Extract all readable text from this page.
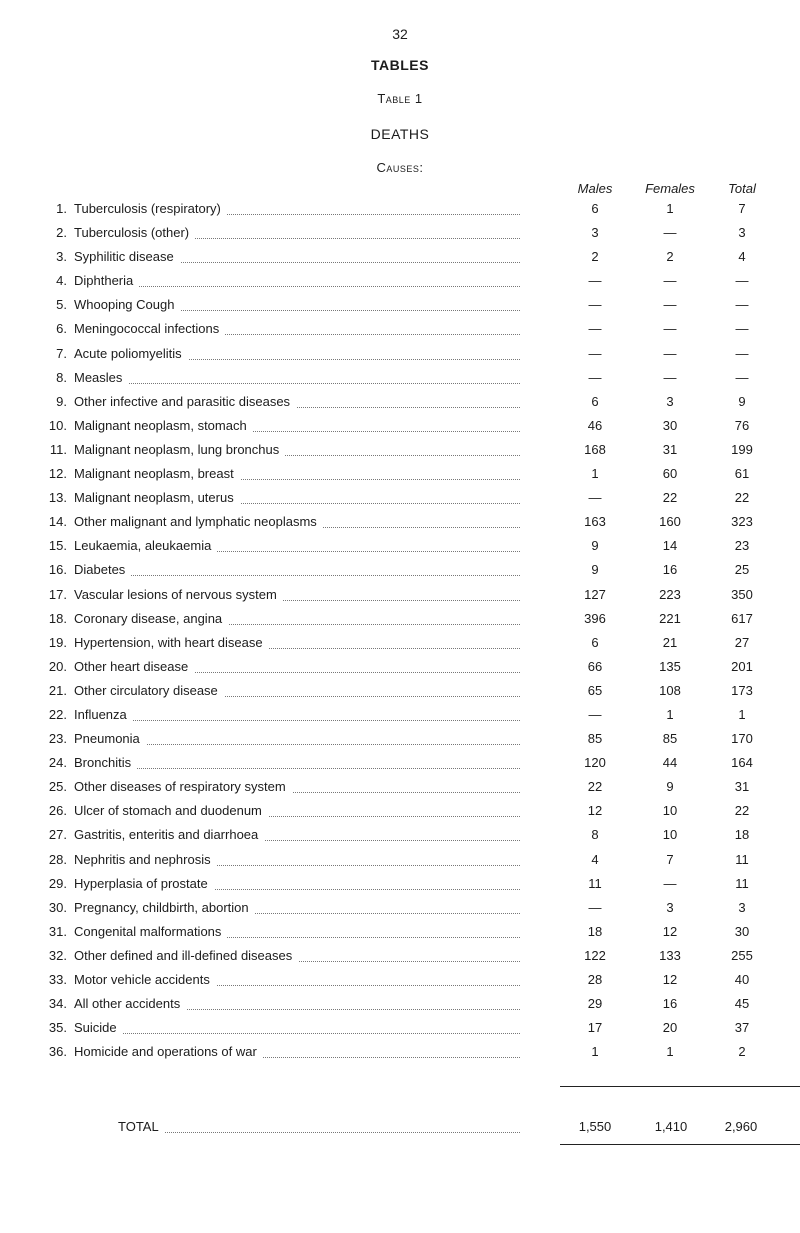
32
TABLES
Table 1
DEATHS
Causes:
Males	Females	Total
1. Tuberculosis (respiratory)	6	1	7
2. Tuberculosis (other)	3	—	3
3. Syphilitic disease	2	2	4
4. Diphtheria	—	—	—
5. Whooping Cough	—	—	—
6. Meningococcal infections	—	—	—
7. Acute poliomyelitis	—	—	—
8. Measles	—	—	—
9. Other infective and parasitic diseases	6	3	9
10. Malignant neoplasm, stomach	46	30	76
11. Malignant neoplasm, lung bronchus	168	31	199
12. Malignant neoplasm, breast	1	60	61
13. Malignant neoplasm, uterus	—	22	22
14. Other malignant and lymphatic neoplasms	163	160	323
15. Leukaemia, aleukaemia	9	14	23
16. Diabetes	9	16	25
17. Vascular lesions of nervous system	127	223	350
18. Coronary disease, angina	396	221	617
19. Hypertension, with heart disease	6	21	27
20. Other heart disease	66	135	201
21. Other circulatory disease	65	108	173
22. Influenza	—	1	1
23. Pneumonia	85	85	170
24. Bronchitis	120	44	164
25. Other diseases of respiratory system	22	9	31
26. Ulcer of stomach and duodenum	12	10	22
27. Gastritis, enteritis and diarrhoea	8	10	18
28. Nephritis and nephrosis	4	7	11
29. Hyperplasia of prostate	11	—	11
30. Pregnancy, childbirth, abortion	—	3	3
31. Congenital malformations	18	12	30
32. Other defined and ill-defined diseases	122	133	255
33. Motor vehicle accidents	28	12	40
34. All other accidents	29	16	45
35. Suicide	17	20	37
36. Homicide and operations of war	1	1	2
TOTAL	1,550	1,410	2,960
